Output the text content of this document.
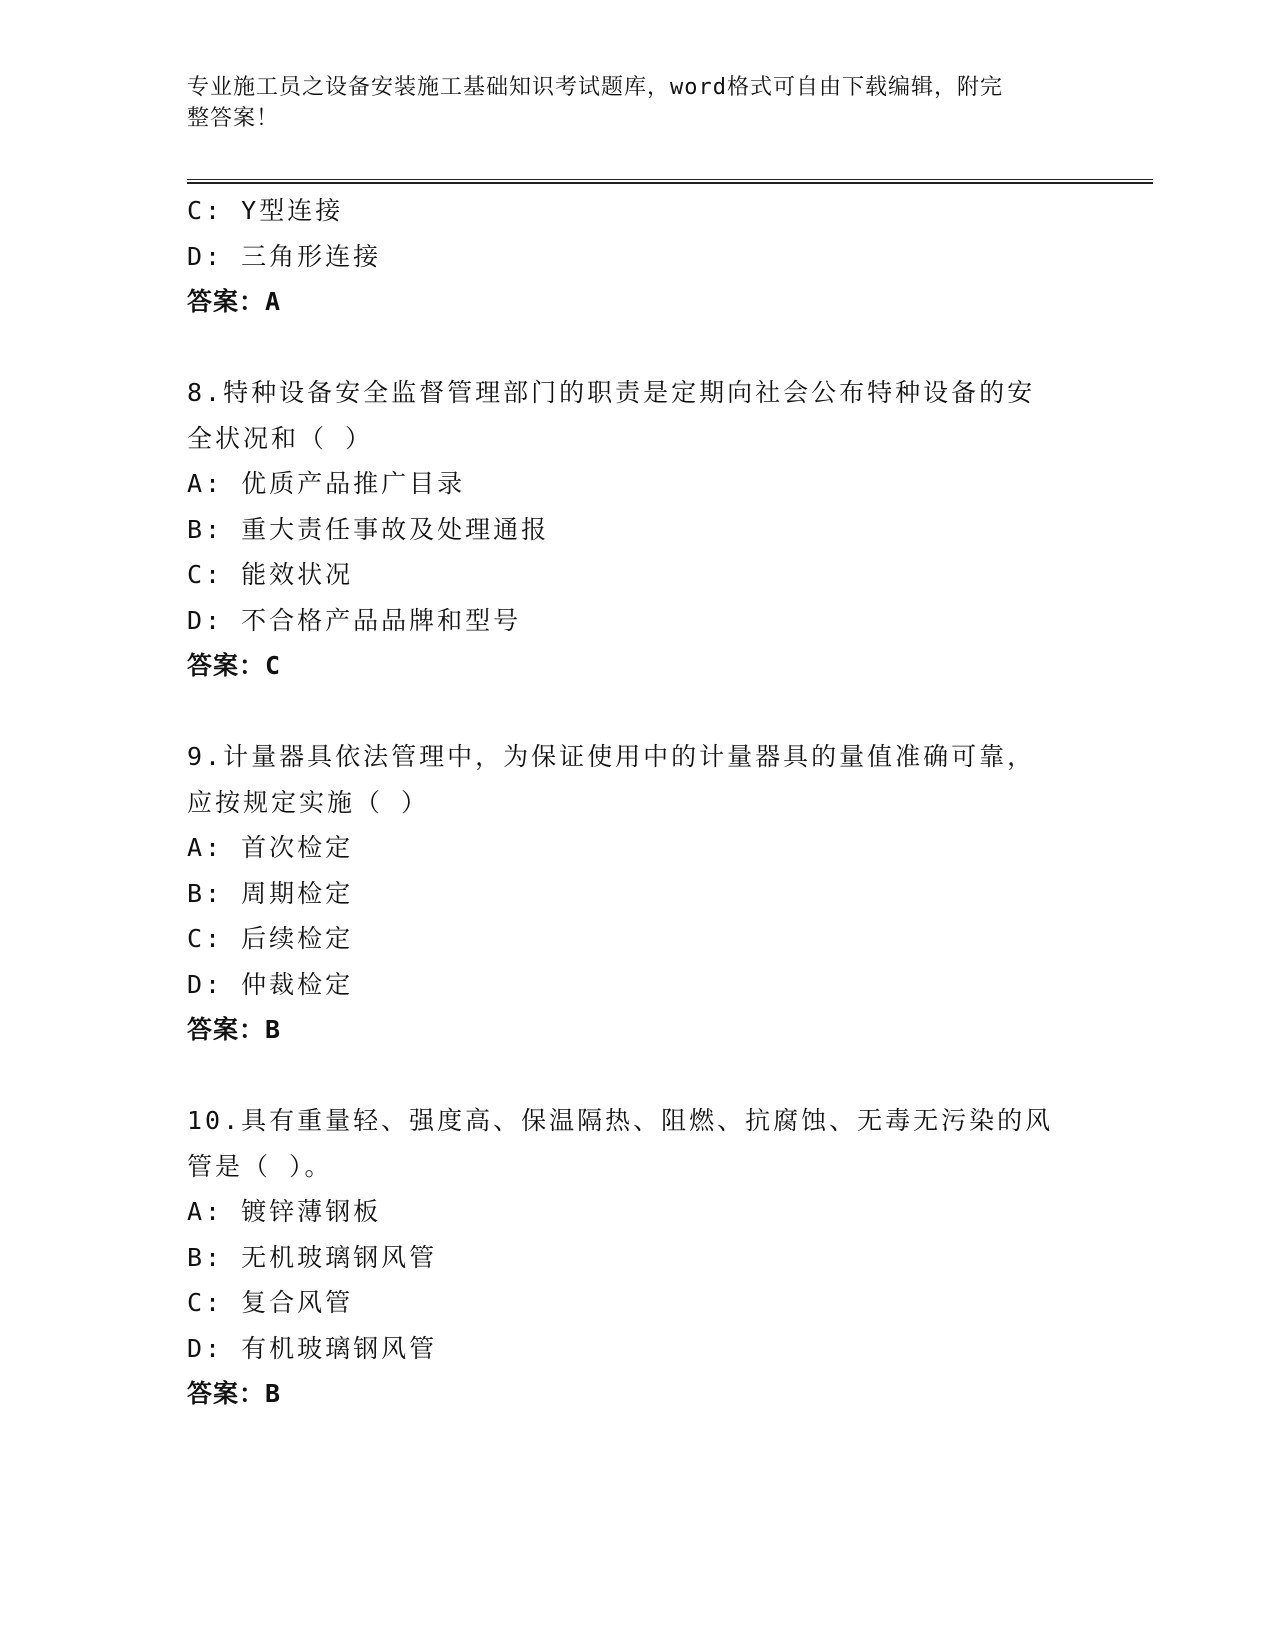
专业施工员之设备安装施工基础知识考试题库，word格式可自由下载编辑，附完
整答案！
C: Y型连接
D: 三角形连接
答案：A
8.特种设备安全监督管理部门的职责是定期向社会公布特种设备的安
全状况和（ ）
A: 优质产品推广目录
B: 重大责任事故及处理通报
C: 能效状况
D: 不合格产品品牌和型号
答案：C
9.计量器具依法管理中，为保证使用中的计量器具的量值准确可靠，
应按规定实施（ ）
A: 首次检定
B: 周期检定
C: 后续检定
D: 仲裁检定
答案：B
10.具有重量轻、强度高、保温隔热、阻燃、抗腐蚀、无毒无污染的风
管是（ ）。
A: 镀锌薄钢板
B: 无机玻璃钢风管
C: 复合风管
D: 有机玻璃钢风管
答案：B
